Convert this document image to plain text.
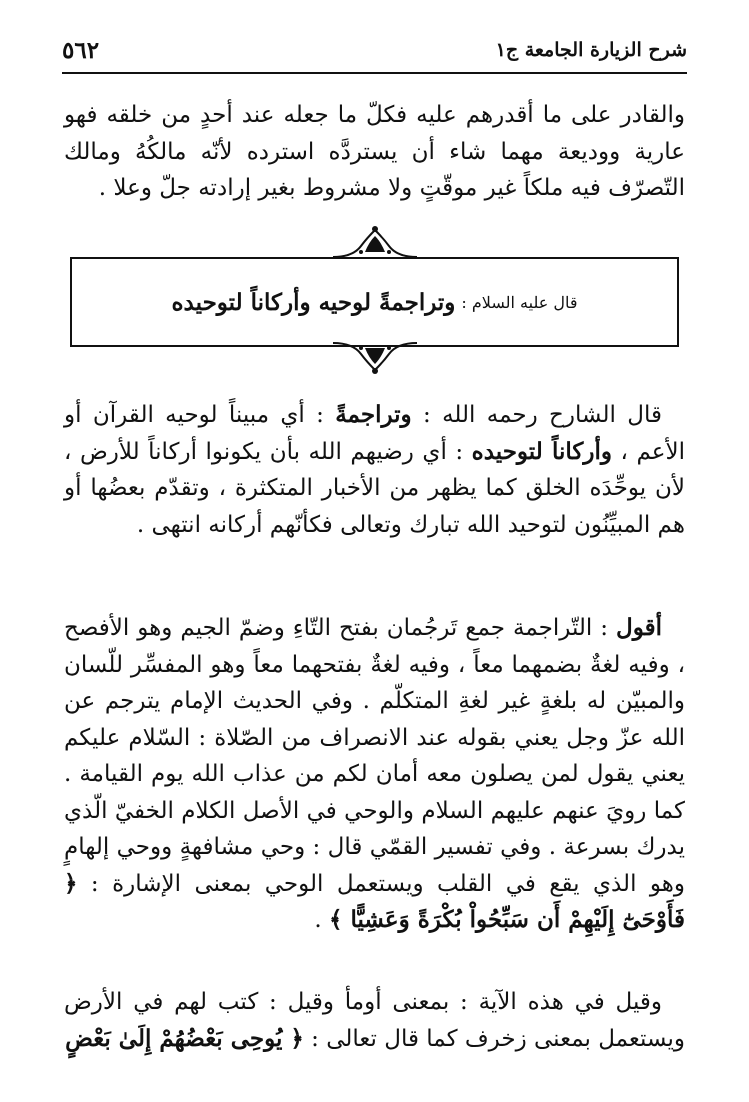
٥٦٢	شرح الزيارة الجامعة ج١

والقادر على ما أقدرهم عليه فكلّ ما جعله عند أحدٍ من خلقه فهو عارية ووديعة مهما شاء أن يستردَّه استرده لأنّه مالكُهُ ومالك التّصرّف فيه ملكاً غير موقّتٍ ولا مشروط بغير إرادته جلّ وعلا .

قال عليه السلام :
وتراجمةً لوحيه وأركاناً لتوحيده

 قال الشارح رحمه الله : وتراجمةً : أي مبيناً لوحيه القرآن أو الأعم ، وأركاناً لتوحيده : أي رضيهم الله بأن يكونوا أركاناً للأرض ، لأن يوحِّدَه الخلق كما يظهر من الأخبار المتكثرة ، وتقدّم بعضُها أو هم المبيِّنُون لتوحيد الله تبارك وتعالى فكأنّهم أركانه انتهى .

 أقول : التّراجمة جمع تَرجُمان بفتح التّاءِ وضمّ الجيم وهو الأفصح ، وفيه لغةٌ بضمهما معاً ، وفيه لغةٌ بفتحهما معاً وهو المفسِّر للّسان والمبيّن له بلغةٍ غير لغةِ المتكلّم . وفي الحديث الإمام يترجم عن الله عزّ وجل يعني بقوله عند الانصراف من الصّلاة : السّلام عليكم يعني يقول لمن يصلون معه أمان لكم من عذاب الله يوم القيامة . كما رويَ عنهم عليهم السلام والوحي في الأصل الكلام الخفيّ الّذي يدرك بسرعة . وفي تفسير القمّي قال : وحي مشافهةٍ ووحي إلهامٍ وهو الذي يقع في القلب ويستعمل الوحي بمعنى الإشارة : ﴿ فَأَوْحَىٰٓ إِلَيْهِمْ أَن سَبِّحُواْ بُكْرَةً وَعَشِيًّا ﴾ .

 وقيل في هذه الآية : بمعنى أومأ وقيل : كتب لهم في الأرض ويستعمل بمعنى زخرف كما قال تعالى : ﴿ يُوحِى بَعْضُهُمْ إِلَىٰ بَعْضٍ
